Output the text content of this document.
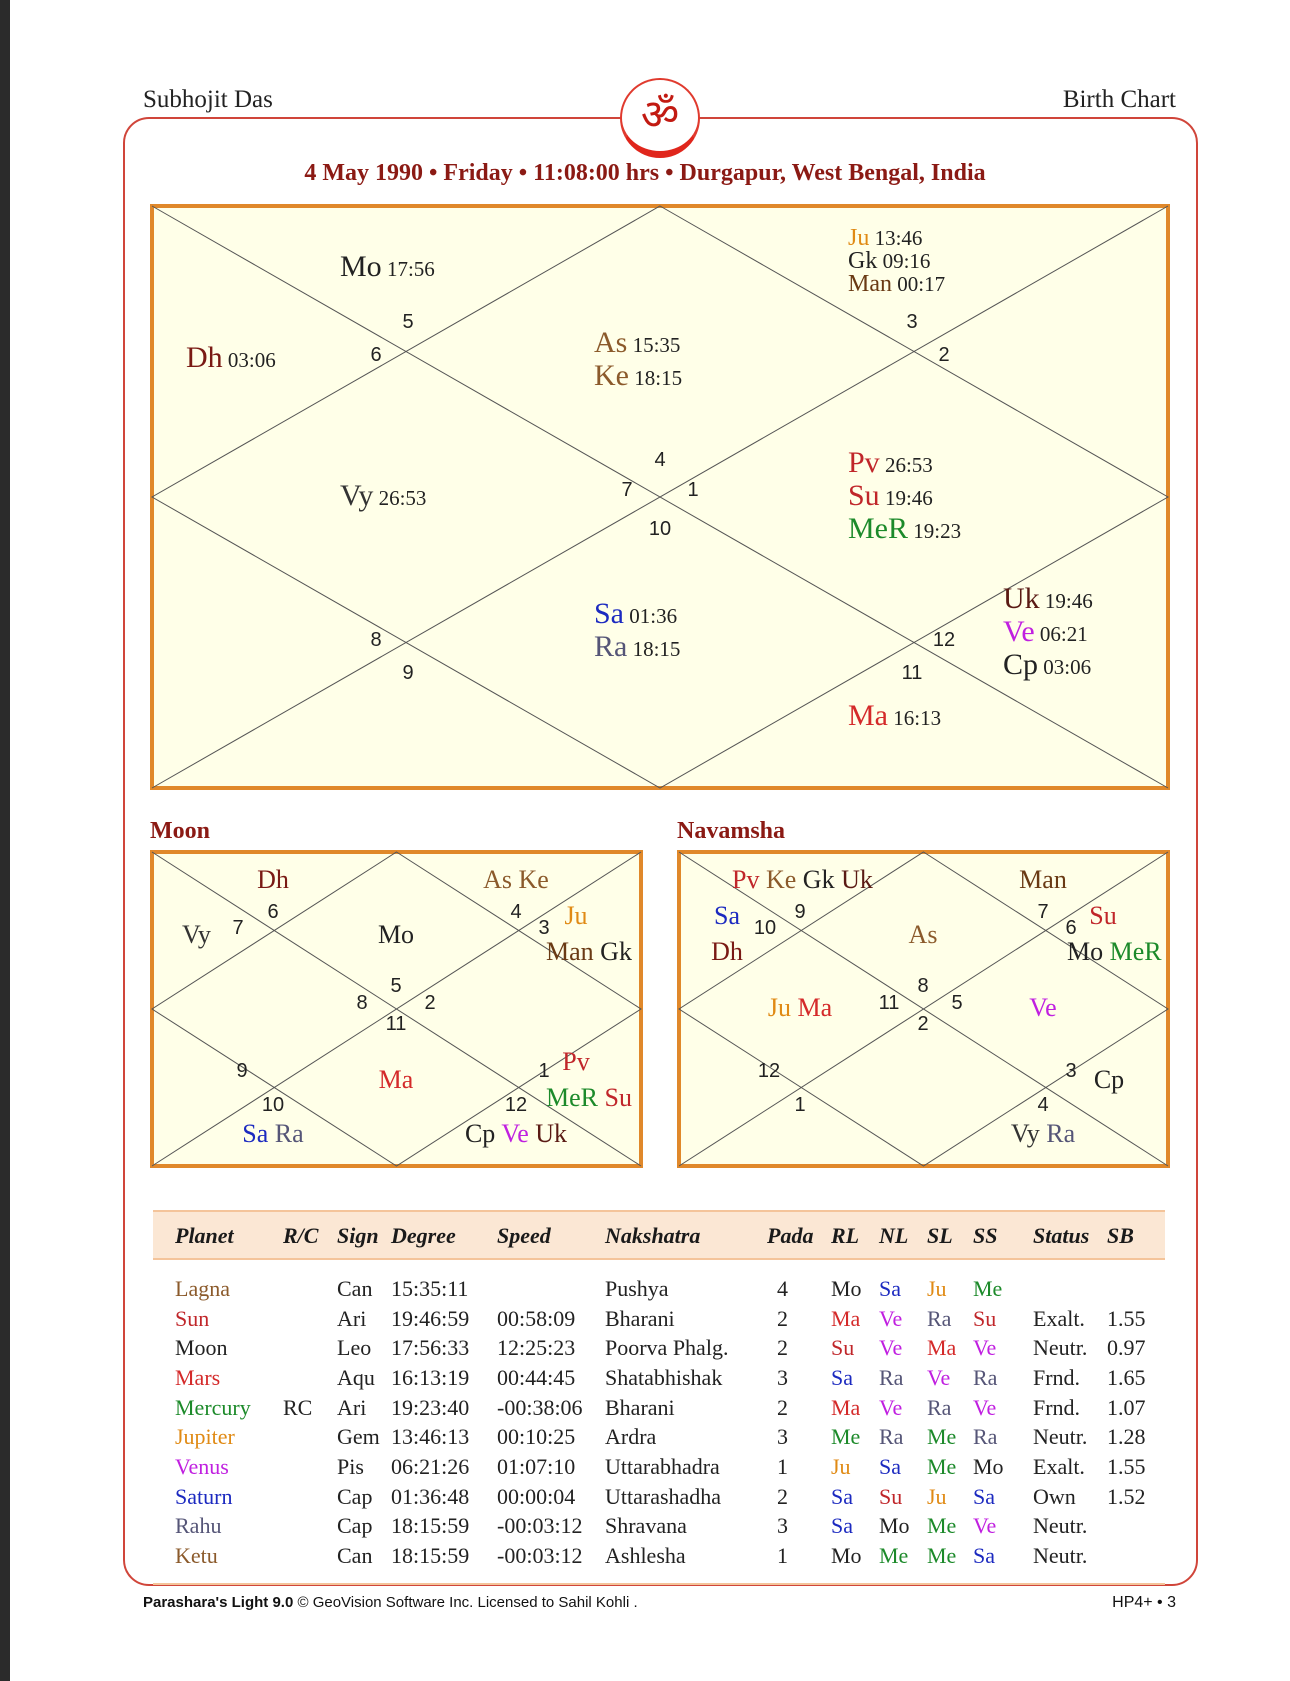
Subhojit Das	Birth Chart
ॐ
4 May 1990 • Friday • 11:08:00 hrs • Durgapur, West Bengal, India
4
7	1
10
5
6
3
2
8
9
12
11
Mo 17:56
Dh 03:06
As 15:35
Ke 18:15
Ju 13:46
Gk 09:16
Man 00:17
Vy 26:53
Pv 26:53
Su 19:46
MeR 19:23
Sa 01:36
Ra 18:15
Uk 19:46
Ve 06:21
Cp 03:06
Ma 16:13
Moon
6
7
4
3
5
8	2
11
9
10	12
1
Dh	As Ke
Vy	Mo
Ju
Man Gk
Ma
Pv
MeR Su
Sa Ra	Cp Ve Uk
Navamsha
9
10
7
6
8
11	5
2
12
1	4
3
Pv Ke Gk Uk	Man
Sa
Dh
As
Su
Mo MeR
Ju Ma	Ve
Cp
Vy Ra
Planet	R/C	Sign	Degree	Speed	Nakshatra	Pada	RL	NL	SL	SS	Status	SB

Lagna		Can	15:35:11		Pushya	4	Mo	Sa	Ju	Me		
Sun		Ari	19:46:59	00:58:09	Bharani	2	Ma	Ve	Ra	Su	Exalt.	1.55
Moon		Leo	17:56:33	12:25:23	Poorva Phalg.	2	Su	Ve	Ma	Ve	Neutr.	0.97
Mars		Aqu	16:13:19	00:44:45	Shatabhishak	3	Sa	Ra	Ve	Ra	Frnd.	1.65
Mercury	RC	Ari	19:23:40	-00:38:06	Bharani	2	Ma	Ve	Ra	Ve	Frnd.	1.07
Jupiter		Gem	13:46:13	00:10:25	Ardra	3	Me	Ra	Me	Ra	Neutr.	1.28
Venus		Pis	06:21:26	01:07:10	Uttarabhadra	1	Ju	Sa	Me	Mo	Exalt.	1.55
Saturn		Cap	01:36:48	00:00:04	Uttarashadha	2	Sa	Su	Ju	Sa	Own	1.52
Rahu		Cap	18:15:59	-00:03:12	Shravana	3	Sa	Mo	Me	Ve	Neutr.	
Ketu		Can	18:15:59	-00:03:12	Ashlesha	1	Mo	Me	Me	Sa	Neutr.	

Parashara's Light 9.0 © GeoVision Software Inc. Licensed to Sahil Kohli .	HP4+ • 3
